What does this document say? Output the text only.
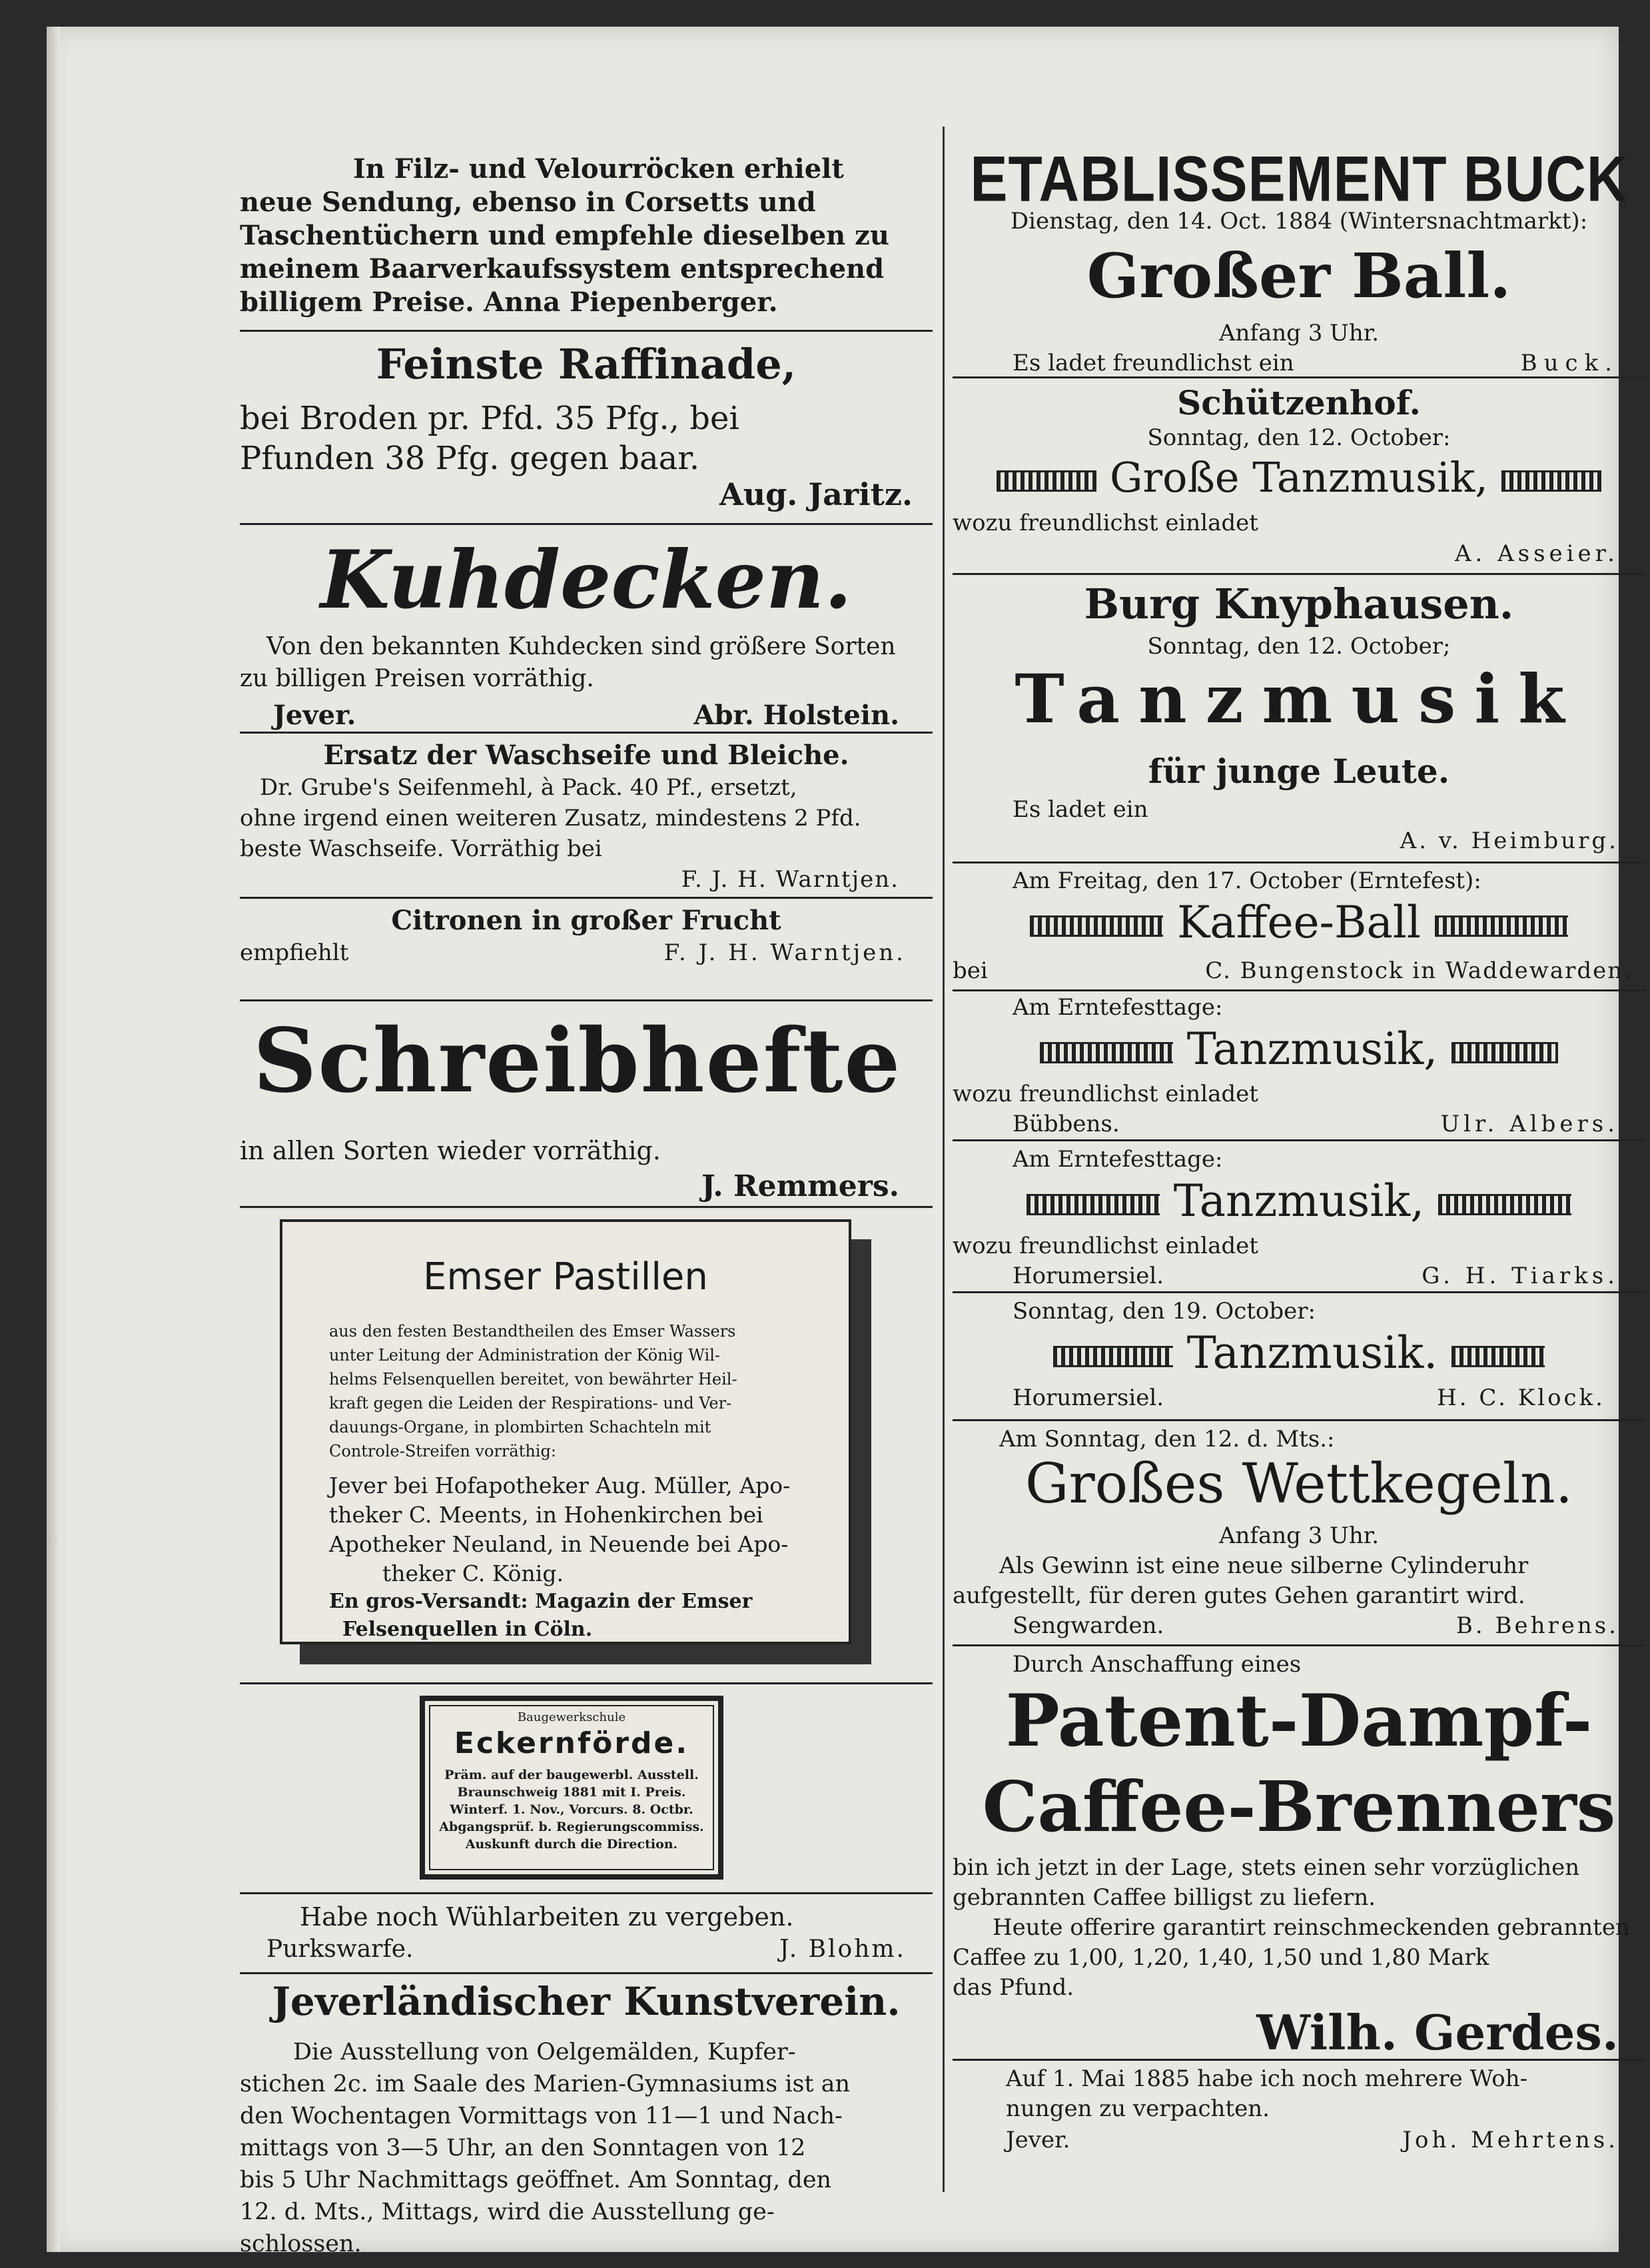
In Filz- und Velourröcken erhielt
neue Sendung, ebenso in Corsetts und
Taschentüchern und empfehle dieselben zu
meinem Baarverkaufssystem entsprechend
billigem Preise. Anna Piepenberger.
Feinste Raffinade,
bei Broden pr. Pfd. 35 Pfg., bei
Pfunden 38 Pfg. gegen baar.
Aug. Jaritz.
Kuhdecken.
Von den bekannten Kuhdecken sind größere Sorten
zu billigen Preisen vorräthig.
Jever.	Abr. Holstein.
Ersatz der Waschseife und Bleiche.
Dr. Grube's Seifenmehl, à Pack. 40 Pf., ersetzt,
ohne irgend einen weiteren Zusatz, mindestens 2 Pfd.
beste Waschseife. Vorräthig bei
F. J. H. Warntjen.
Citronen in großer Frucht
empfiehlt	F. J. H. Warntjen.
Schreibhefte
in allen Sorten wieder vorräthig.
J. Remmers.
Emser Pastillen
aus den festen Bestandtheilen des Emser Wassers
unter Leitung der Administration der König Wil-
helms Felsenquellen bereitet, von bewährter Heil-
kraft gegen die Leiden der Respirations- und Ver-
dauungs-Organe, in plombirten Schachteln mit
Controle-Streifen vorräthig:
Jever bei Hofapotheker Aug. Müller, Apo-
theker C. Meents, in Hohenkirchen bei
Apotheker Neuland, in Neuende bei Apo-
theker C. König.
En gros-Versandt: Magazin der Emser
Felsenquellen in Cöln.
Baugewerkschule
Eckernförde.
Präm. auf der baugewerbl. Ausstell.
Braunschweig 1881 mit I. Preis.
Winterf. 1. Nov., Vorcurs. 8. Octbr.
Abgangsprüf. b. Regierungscommiss.
Auskunft durch die Direction.
Habe noch Wühlarbeiten zu vergeben.
Purkswarfe.	J. Blohm.
Jeverländischer Kunstverein.
Die Ausstellung von Oelgemälden, Kupfer-
stichen 2c. im Saale des Marien-Gymnasiums ist an
den Wochentagen Vormittags von 11—1 und Nach-
mittags von 3—5 Uhr, an den Sonntagen von 12
bis 5 Uhr Nachmittags geöffnet. Am Sonntag, den
12. d. Mts., Mittags, wird die Ausstellung ge-
schlossen.
ETABLISSEMENT BUCK
Dienstag, den 14. Oct. 1884 (Wintersnachtmarkt):
Großer Ball.
Anfang 3 Uhr.
Es ladet freundlichst ein	Buck.
Schützenhof.
Sonntag, den 12. October:
Große Tanzmusik,
wozu freundlichst einladet
A. Asseier.
Burg Knyphausen.
Sonntag, den 12. October;
Tanzmusik
für junge Leute.
Es ladet ein
A. v. Heimburg.
Am Freitag, den 17. October (Erntefest):
Kaffee-Ball
bei	C. Bungenstock in Waddewarden.
Am Erntefesttage:
Tanzmusik,
wozu freundlichst einladet
Bübbens.	Ulr. Albers.
Am Erntefesttage:
Tanzmusik,
wozu freundlichst einladet
Horumersiel.	G. H. Tiarks.
Sonntag, den 19. October:
Tanzmusik.
Horumersiel.	H. C. Klock.
Am Sonntag, den 12. d. Mts.:
Großes Wettkegeln.
Anfang 3 Uhr.
Als Gewinn ist eine neue silberne Cylinderuhr
aufgestellt, für deren gutes Gehen garantirt wird.
Sengwarden.	B. Behrens.
Durch Anschaffung eines
Patent-Dampf-
Caffee-Brenners
bin ich jetzt in der Lage, stets einen sehr vorzüglichen
gebrannten Caffee billigst zu liefern.
Heute offerire garantirt reinschmeckenden gebrannten
Caffee zu 1,00, 1,20, 1,40, 1,50 und 1,80 Mark
das Pfund.
Wilh. Gerdes.
Auf 1. Mai 1885 habe ich noch mehrere Woh-
nungen zu verpachten.
Jever.	Joh. Mehrtens.
